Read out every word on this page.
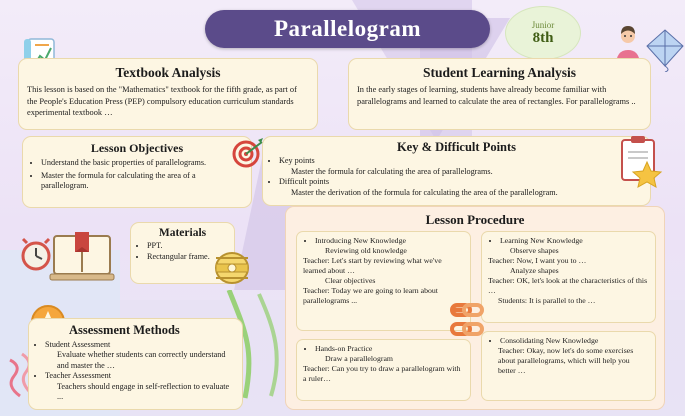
Parallelogram	Junior
8th
Textbook Analysis
This lesson is based on the "Mathematics" textbook for the fifth grade, as part of the People's Education Press (PEP) compulsory education curriculum standards experimental textbook …
Student Learning Analysis
In the early stages of learning, students have already become familiar with parallelograms and learned to calculate the area of rectangles. For parallelograms ..
Lesson Objectives
• Understand the basic properties of parallelograms.
• Master the formula for calculating the area of a parallelogram.
Key & Difficult Points
• Key points
Master the formula for calculating the area of parallelograms.
• Difficult points
Master the derivation of the formula for calculating the area of the parallelogram.
Materials
• PPT.
• Rectangular frame.
Assessment Methods
• Student Assessment
Evaluate whether students can correctly understand and master the …
• Teacher Assessment
Teachers should engage in self-reflection to evaluate ...
Lesson Procedure
• Introducing New Knowledge
Reviewing old knowledge
Teacher: Let's start by reviewing what we've learned about …
Clear objectives
Teacher: Today we are going to learn about parallelograms ...
• Hands-on Practice
Draw a parallelogram
Teacher: Can you try to draw a parallelogram with a ruler…
• Learning New Knowledge
Observe shapes
Teacher: Now, I want you to …
Analyze shapes
Teacher: OK, let's look at the characteristics of this …
Students: It is parallel to the …
• Consolidating New Knowledge
Teacher: Okay, now let's do some exercises about parallelograms, which will help you better …
